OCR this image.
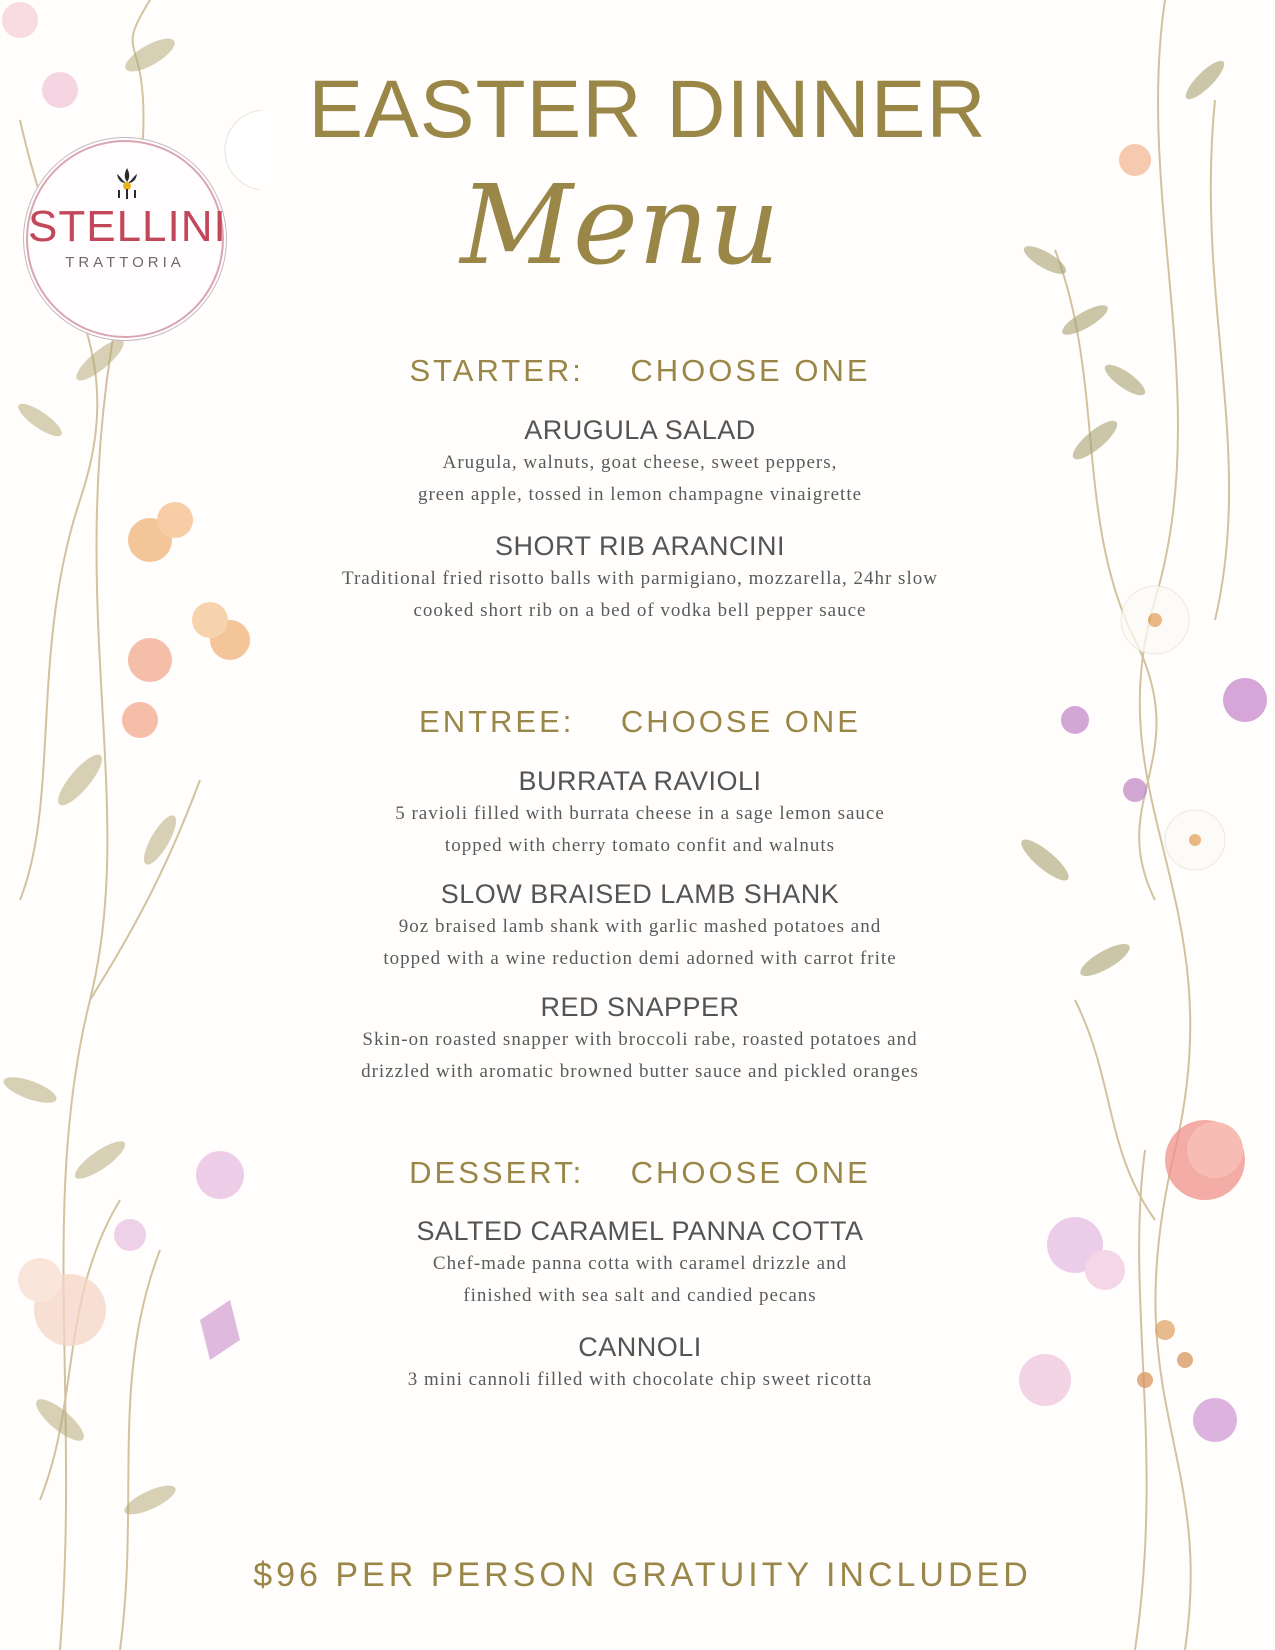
STELLINI
TRATTORIA
EASTER DINNER
Menu
STARTER:    CHOOSE ONE
ARUGULA SALAD
Arugula, walnuts, goat cheese, sweet peppers,
green apple, tossed in lemon champagne vinaigrette
SHORT RIB ARANCINI
Traditional fried risotto balls with parmigiano, mozzarella, 24hr slow
cooked short rib on a bed of vodka bell pepper sauce
ENTREE:    CHOOSE ONE
BURRATA RAVIOLI
5 ravioli filled with burrata cheese in a sage lemon sauce
topped with cherry tomato confit and walnuts
SLOW BRAISED LAMB SHANK
9oz braised lamb shank with garlic mashed potatoes and
topped with a wine reduction demi adorned with carrot frite
RED SNAPPER
Skin-on roasted snapper with broccoli rabe, roasted potatoes and
drizzled with aromatic browned butter sauce and pickled oranges
DESSERT:    CHOOSE ONE
SALTED CARAMEL PANNA COTTA
Chef-made panna cotta with caramel drizzle and
finished with sea salt and candied pecans
CANNOLI
3 mini cannoli filled with chocolate chip sweet ricotta
$96 PER PERSON GRATUITY INCLUDED
